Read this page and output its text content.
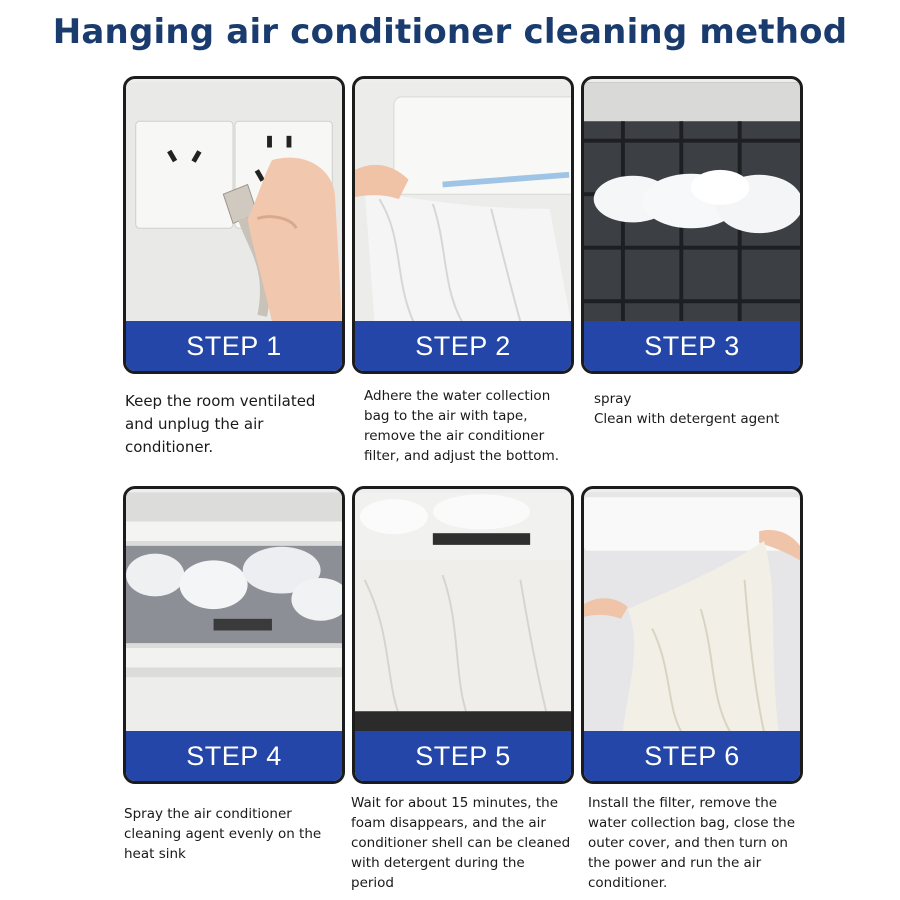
Hanging air conditioner cleaning method
STEP 1	STEP 2	STEP 3
STEP 4	STEP 5	STEP 6
Keep the room ventilated
and unplug the air
conditioner.
Adhere the water collection
bag to the air with tape,
remove the air conditioner
filter, and adjust the bottom.
spray
Clean with detergent agent
Spray the air conditioner
cleaning agent evenly on the
heat sink
Wait for about 15 minutes, the
foam disappears, and the air
conditioner shell can be cleaned
with detergent during the
period
Install the filter, remove the
water collection bag, close the
outer cover, and then turn on
the power and run the air
conditioner.
